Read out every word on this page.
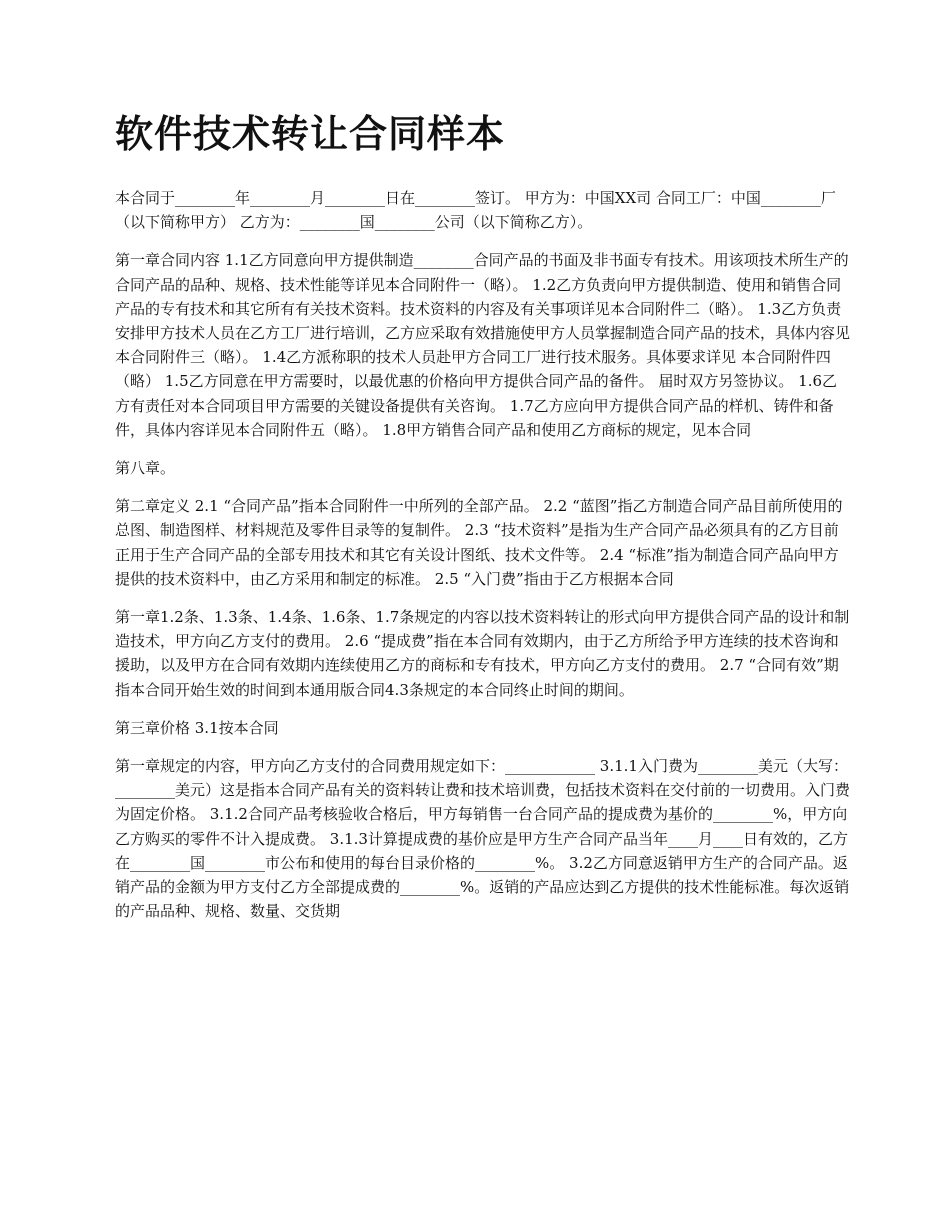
软件技术转让合同样本

本合同于________年________月________日在________签订。 甲方为：中国XX司 合同工厂：中国________厂（以下简称甲方） 乙方为：________国________公司（以下简称乙方）。

第一章合同内容 1.1乙方同意向甲方提供制造________合同产品的书面及非书面专有技术。用该项技术所生产的合同产品的品种、规格、技术性能等详见本合同附件一（略）。 1.2乙方负责向甲方提供制造、使用和销售合同产品的专有技术和其它所有有关技术资料。技术资料的内容及有关事项详见本合同附件二（略）。 1.3乙方负责安排甲方技术人员在乙方工厂进行培训，乙方应采取有效措施使甲方人员掌握制造合同产品的技术，具体内容见本合同附件三（略）。 1.4乙方派称职的技术人员赴甲方合同工厂进行技术服务。具体要求详见 本合同附件四（略） 1.5乙方同意在甲方需要时，以最优惠的价格向甲方提供合同产品的备件。 届时双方另签协议。 1.6乙方有责任对本合同项目甲方需要的关键设备提供有关咨询。 1.7乙方应向甲方提供合同产品的样机、铸件和备件，具体内容详见本合同附件五（略）。 1.8甲方销售合同产品和使用乙方商标的规定，见本合同

第八章。

第二章定义 2.1 “合同产品”指本合同附件一中所列的全部产品。 2.2 “蓝图”指乙方制造合同产品目前所使用的总图、制造图样、材料规范及零件目录等的复制件。 2.3 “技术资料”是指为生产合同产品必须具有的乙方目前正用于生产合同产品的全部专用技术和其它有关设计图纸、技术文件等。 2.4 “标准”指为制造合同产品向甲方提供的技术资料中，由乙方采用和制定的标准。 2.5 “入门费”指由于乙方根据本合同

第一章1.2条、1.3条、1.4条、1.6条、1.7条规定的内容以技术资料转让的形式向甲方提供合同产品的设计和制造技术，甲方向乙方支付的费用。 2.6 “提成费”指在本合同有效期内，由于乙方所给予甲方连续的技术咨询和援助，以及甲方在合同有效期内连续使用乙方的商标和专有技术，甲方向乙方支付的费用。 2.7 “合同有效”期指本合同开始生效的时间到本通用版合同4.3条规定的本合同终止时间的期间。

第三章价格 3.1按本合同

第一章规定的内容，甲方向乙方支付的合同费用规定如下：____________ 3.1.1入门费为________美元（大写：________美元）这是指本合同产品有关的资料转让费和技术培训费，包括技术资料在交付前的一切费用。入门费为固定价格。 3.1.2合同产品考核验收合格后，甲方每销售一台合同产品的提成费为基价的________%，甲方向乙方购买的零件不计入提成费。 3.1.3计算提成费的基价应是甲方生产合同产品当年____月____日有效的，乙方在________国________市公布和使用的每台目录价格的________%。 3.2乙方同意返销甲方生产的合同产品。返销产品的金额为甲方支付乙方全部提成费的________%。返销的产品应达到乙方提供的技术性能标准。每次返销的产品品种、规格、数量、交货期
